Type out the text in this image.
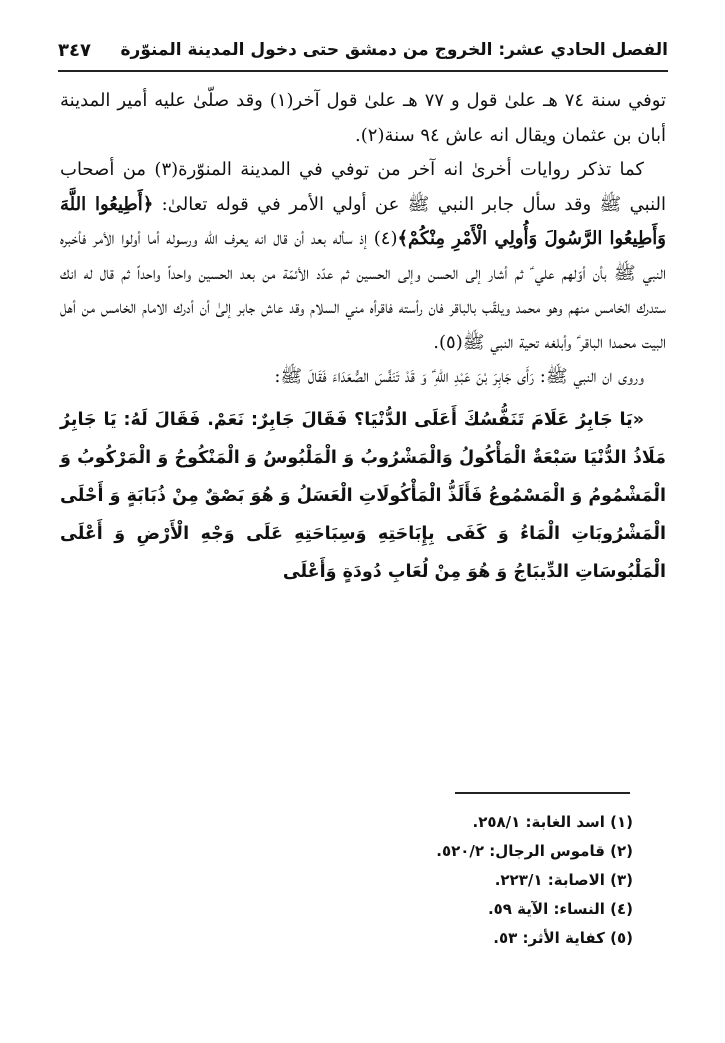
الفصل الحادي عشر: الخروج من دمشق حتى دخول المدينة المنوّرة
٣٤٧

توفي سنة ٧٤ هـ علىٰ قول و ٧٧ هـ علىٰ قول آخر(١) وقد صلّىٰ عليه أمير المدينة أبان بن عثمان ويقال انه عاش ٩٤ سنة(٢).

كما تذكر روايات أخرىٰ انه آخر من توفي في المدينة المنوّرة(٣) من أصحاب النبي ﷺ وقد سأل جابر النبي ﷺ عن أولي الأمر في قوله تعالىٰ: ﴿أَطِيعُوا اللَّهَ وَأَطِيعُوا الرَّسُولَ وَأُولِي الْأَمْرِ مِنْكُمْ﴾(٤) إذ سأله بعد أن قال انه يعرف الله ورسوله أما أولوا الأمر فأخبره النبي ﷺ بأن أوّلهم علي ؑ ثم أشار إلى الحسن وإلى الحسين ثم عدّد الأئمّة من بعد الحسين واحداً واحداً ثم قال له انك ستدرك الخامس منهم وهو محمد ويلقّب بالباقر فان رأسته فاقرأه مني السلام وقد عاش جابر إلىٰ أن أدرك الامام الخامس من أهل البيت محمدا الباقر ؑ وأبلغه تحية النبي ﷺ(٥).

وروى ان النبي ﷺ: رَأَى جَابِرَ بْنَ عَبْدِ اللهِ ؑ وَ قَدْ تَنَفَّسَ الصُّعَدَاءَ فَقَالَ ﷺ:

«يَا جَابِرُ عَلَامَ تَنَفُّسُكَ أَعَلَى الدُّنْيَا؟ فَقَالَ جَابِرٌ: نَعَمْ. فَقَالَ لَهُ: يَا جَابِرُ مَلَاذُ الدُّنْيَا سَبْعَةٌ الْمَأْكُولُ وَالْمَشْرُوبُ وَ الْمَلْبُوسُ وَ الْمَنْكُوحُ وَ الْمَرْكُوبُ وَ الْمَشْمُومُ وَ الْمَسْمُوعُ فَأَلَذُّ الْمَأْكُولَاتِ الْعَسَلُ وَ هُوَ بَصْقٌ مِنْ ذُبَابَةٍ وَ أَحْلَى الْمَشْرُوبَاتِ الْمَاءُ وَ كَفَى بِإِبَاحَتِهِ وَسِبَاحَتِهِ عَلَى وَجْهِ الْأَرْضِ وَ أَعْلَى الْمَلْبُوسَاتِ الدِّيبَاجُ وَ هُوَ مِنْ لُعَابِ دُودَةٍ وَأَعْلَى

(١) اسد الغابة: ٢٥٨/١.
(٢) قاموس الرجال: ٥٢٠/٢.
(٣) الاصابة: ٢٢٣/١.
(٤) النساء: الآية ٥٩.
(٥) كفاية الأثر: ٥٣.
